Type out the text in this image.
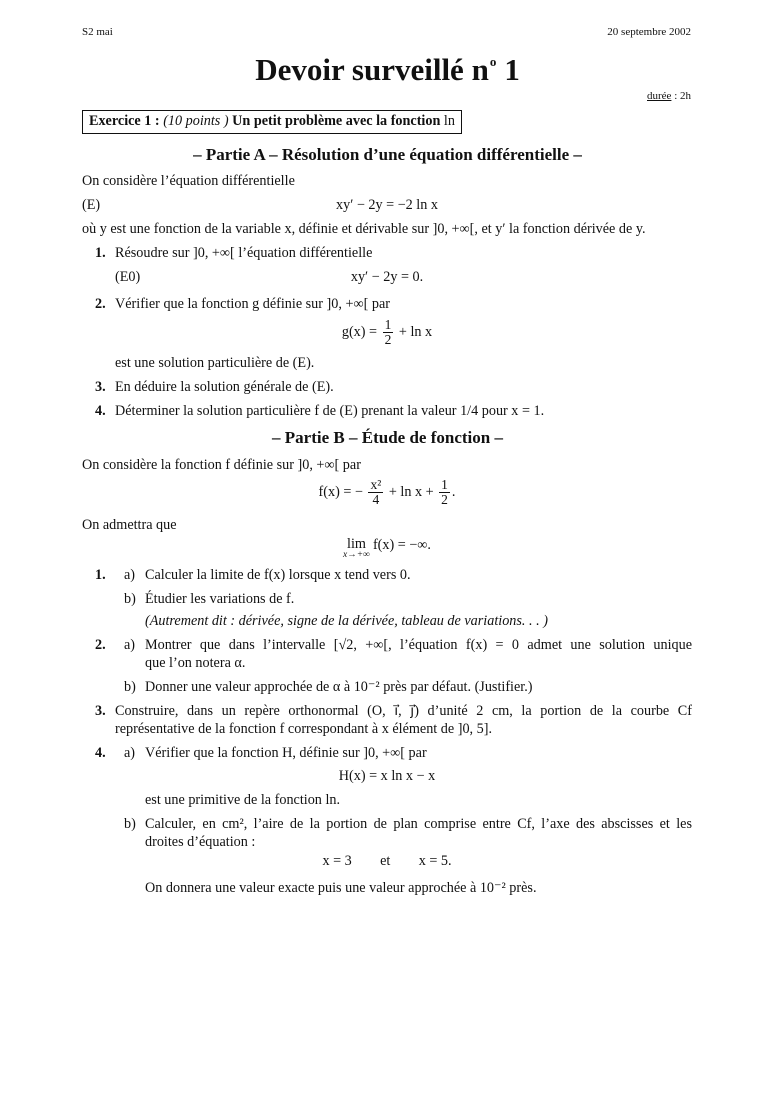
S2 mai	20 septembre 2002
Devoir surveillé $n^o$ 1
durée : 2h
Exercice 1 : (10 points ) Un petit problème avec la fonction ln
– Partie A – Résolution d’une équation différentielle –
On considère l’équation différentielle
(E)	xy′ − 2y = −2 ln x
où y est une fonction de la variable x, définie et dérivable sur ]0, +∞[, et y′ la fonction dérivée de y.
1. Résoudre sur ]0, +∞[ l’équation différentielle
(E0)	xy′ − 2y = 0.
2. Vérifier que la fonction g définie sur ]0, +∞[ par
$g(x) = \frac{1}{2} + \ln x$
est une solution particulière de (E).
3. En déduire la solution générale de (E).
4. Déterminer la solution particulière f de (E) prenant la valeur 1/4 pour x = 1.
– Partie B – Étude de fonction –
On considère la fonction f définie sur ]0, +∞[ par
f(x) = − $\frac{\text{x²}}{4} + \ln x + \frac{1}{2}$ .
On admettra que
lim
x→+∞
f(x) = −∞.
1. a) Calculer la limite de f(x) lorsque x tend vers 0.
b) Étudier les variations de f.
(Autrement dit : dérivée, signe de la dérivée, tableau de variations. . . )
2. a) Montrer que dans l’intervalle [√2, +∞[, l’équation f(x) = 0 admet une solution unique
que l’on notera α.
b) Donner une valeur approchée de α à 10⁻² près par défaut. (Justifier.)
3. Construire, dans un repère orthonormal (O, ı⃗, ȷ⃗) d’unité 2 cm, la portion de la courbe Cf
représentative de la fonction f correspondant à x élément de ]0, 5].
4. a) Vérifier que la fonction H, définie sur ]0, +∞[ par
H(x) = x ln x − x
est une primitive de la fonction ln.
b) Calculer, en cm², l’aire de la portion de plan comprise entre Cf, l’axe des abscisses et les
droites d’équation :
x = 3        et        x = 5.
On donnera une valeur exacte puis une valeur approchée à 10⁻² près.
